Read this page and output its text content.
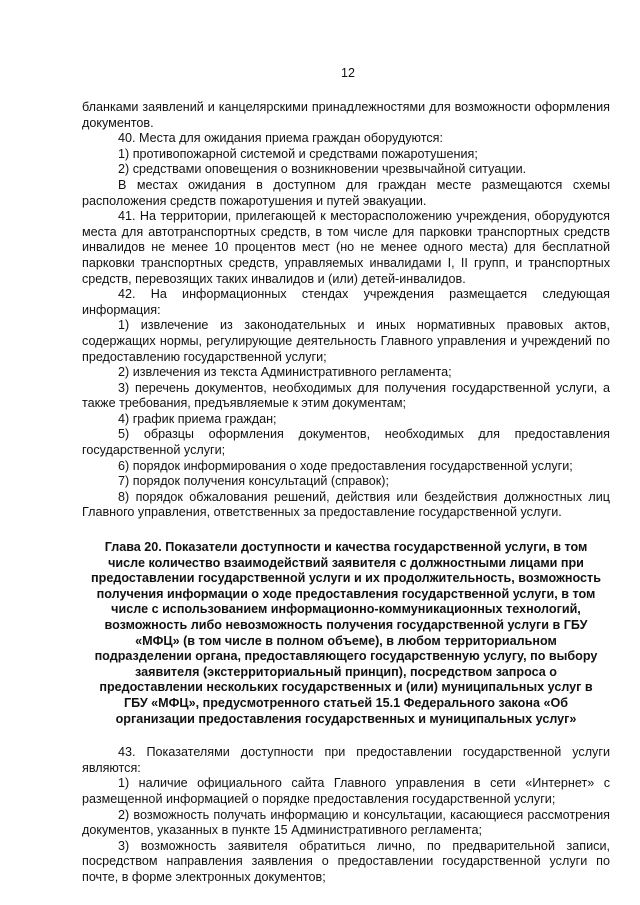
12

бланками заявлений и канцелярскими принадлежностями для возможности оформления документов.

40. Места для ожидания приема граждан оборудуются:

1) противопожарной системой и средствами пожаротушения;

2) средствами оповещения о возникновении чрезвычайной ситуации.

В местах ожидания в доступном для граждан месте размещаются схемы расположения средств пожаротушения и путей эвакуации.

41. На территории, прилегающей к месторасположению учреждения, оборудуются места для автотранспортных средств, в том числе для парковки транспортных средств инвалидов не менее 10 процентов мест (но не менее одного места) для бесплатной парковки транспортных средств, управляемых инвалидами I, II групп, и транспортных средств, перевозящих таких инвалидов и (или) детей-инвалидов.

42. На информационных стендах учреждения размещается следующая информация:

1) извлечение из законодательных и иных нормативных правовых актов, содержащих нормы, регулирующие деятельность Главного управления и учреждений по предоставлению государственной услуги;

2) извлечения из текста Административного регламента;

3) перечень документов, необходимых для получения государственной услуги, а также требования, предъявляемые к этим документам;

4) график приема граждан;

5) образцы оформления документов, необходимых для предоставления государственной услуги;

6) порядок информирования о ходе предоставления государственной услуги;

7) порядок получения консультаций (справок);

8) порядок обжалования решений, действия или бездействия должностных лиц Главного управления, ответственных за предоставление государственной услуги.

Глава 20. Показатели доступности и качества государственной услуги, в том числе количество взаимодействий заявителя с должностными лицами при предоставлении государственной услуги и их продолжительность, возможность получения информации о ходе предоставления государственной услуги, в том числе с использованием информационно-коммуникационных технологий, возможность либо невозможность получения государственной услуги в ГБУ «МФЦ» (в том числе в полном объеме), в любом территориальном подразделении органа, предоставляющего государственную услугу, по выбору заявителя (экстерриториальный принцип), посредством запроса о предоставлении нескольких государственных и (или) муниципальных услуг в ГБУ «МФЦ», предусмотренного статьей 15.1 Федерального закона «Об организации предоставления государственных и муниципальных услуг»

43. Показателями доступности при предоставлении государственной услуги являются:

1) наличие официального сайта Главного управления в сети «Интернет» с размещенной информацией о порядке предоставления государственной услуги;

2) возможность получать информацию и консультации, касающиеся рассмотрения документов, указанных в пункте 15 Административного регламента;

3) возможность заявителя обратиться лично, по предварительной записи, посредством направления заявления о предоставлении государственной услуги по почте, в форме электронных документов;
